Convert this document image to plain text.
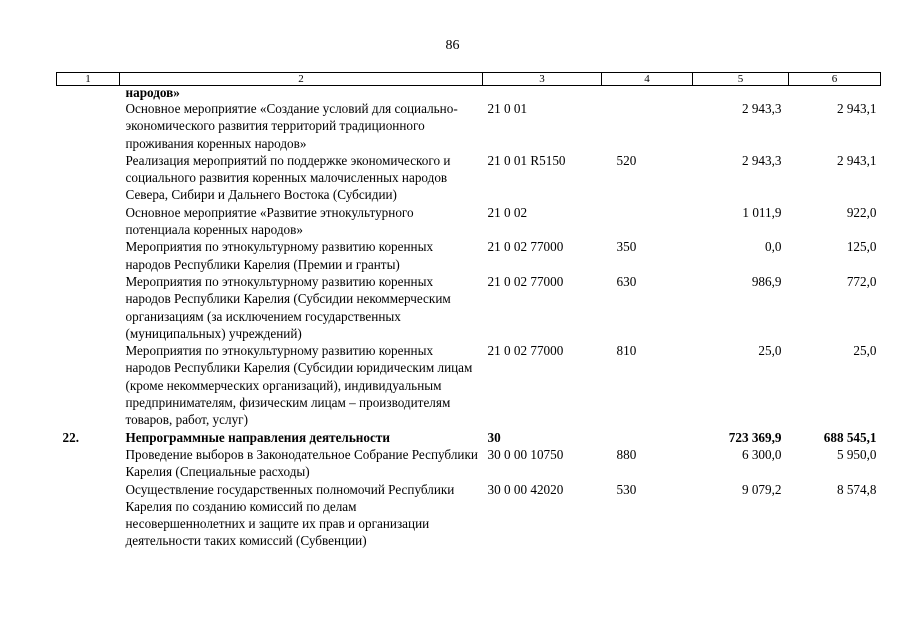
86
1	2	3	4	5	6
	народов»				
	Основное мероприятие «Создание условий для социально-экономического развития территорий традиционного проживания коренных народов»	21 0 01		2 943,3	2 943,1
	Реализация мероприятий по поддержке экономического и социального развития коренных малочисленных народов Севера, Сибири и Дальнего Востока (Субсидии)	21 0 01 R5150	520	2 943,3	2 943,1
	Основное мероприятие «Развитие этнокультурного потенциала коренных народов»	21 0 02		1 011,9	922,0
	Мероприятия по этнокультурному развитию коренных народов Республики Карелия (Премии и гранты)	21 0 02 77000	350	0,0	125,0
	Мероприятия по этнокультурному развитию коренных народов Республики Карелия (Субсидии некоммерческим организациям (за исключением государственных (муниципальных) учреждений)	21 0 02 77000	630	986,9	772,0
	Мероприятия по этнокультурному развитию коренных народов Республики Карелия (Субсидии юридическим лицам (кроме некоммерческих организаций), индивидуальным предпринимателям, физическим лицам – производителям товаров, работ, услуг)	21 0 02 77000	810	25,0	25,0
22.	Непрограммные направления деятельности	30		723 369,9	688 545,1
	Проведение выборов в Законодательное Собрание Республики Карелия (Специальные расходы)	30 0 00 10750	880	6 300,0	5 950,0
	Осуществление государственных полномочий Республики Карелия по созданию комиссий по делам несовершеннолетних и защите их прав и организации деятельности таких комиссий (Субвенции)	30 0 00 42020	530	9 079,2	8 574,8
